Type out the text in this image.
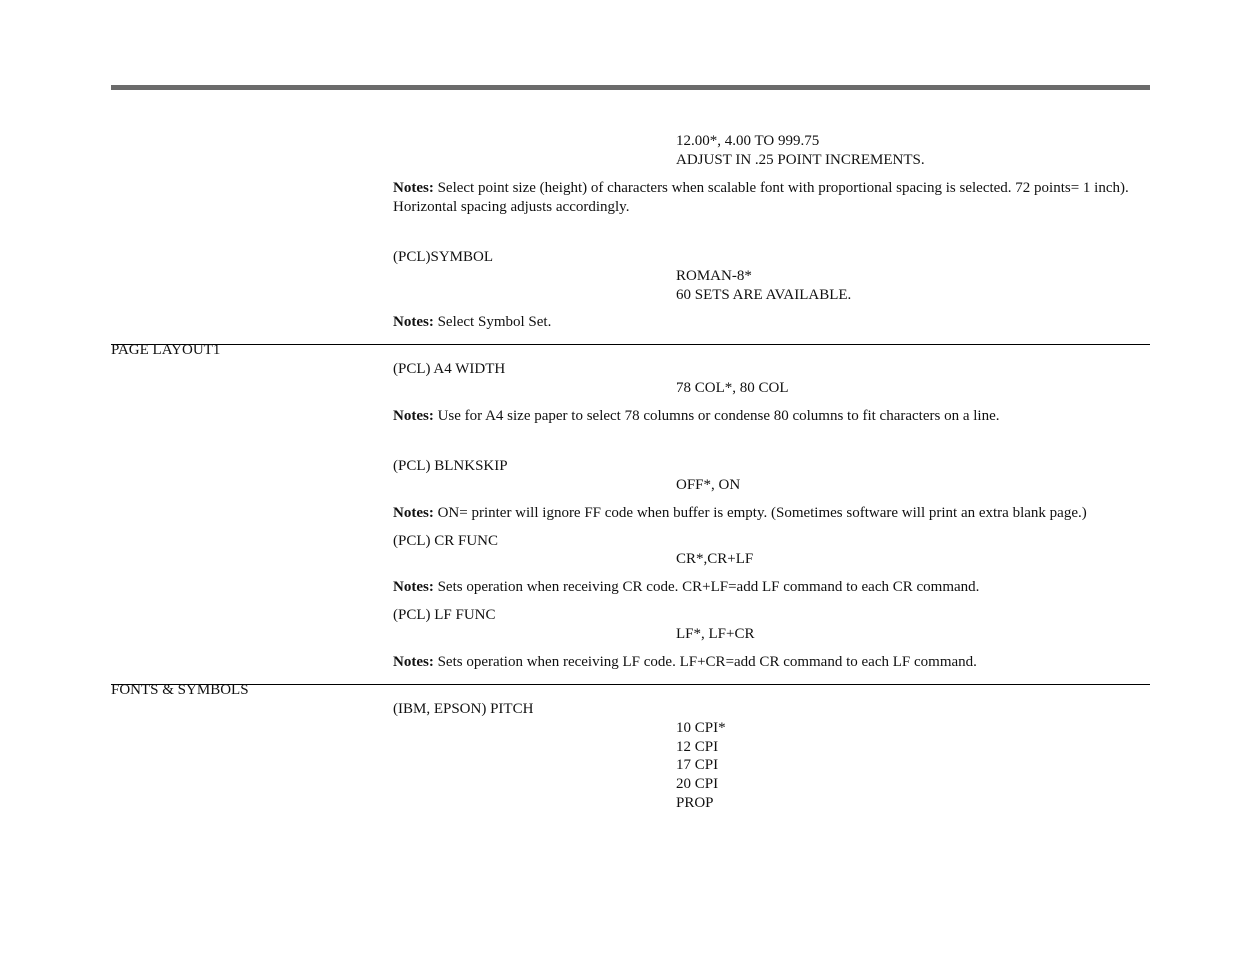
12.00*, 4.00 TO 999.75
ADJUST IN .25 POINT INCREMENTS.
Notes: Select point size (height) of characters when scalable font with proportional spacing is selected. 72 points= 1 inch). Horizontal spacing adjusts accordingly.
(PCL)SYMBOL
ROMAN-8*
60 SETS ARE AVAILABLE.
Notes: Select Symbol Set.
PAGE LAYOUT1
(PCL) A4 WIDTH
78 COL*, 80 COL
Notes: Use for A4 size paper to select 78 columns or condense 80 columns to fit characters on a line.
(PCL) BLNKSKIP
OFF*, ON
Notes: ON= printer will ignore FF code when buffer is empty. (Sometimes software will print an extra blank page.)
(PCL) CR FUNC
CR*,CR+LF
Notes: Sets operation when receiving CR code. CR+LF=add LF command to each CR command.
(PCL) LF FUNC
LF*, LF+CR
Notes: Sets operation when receiving LF code. LF+CR=add CR command to each LF command.
FONTS & SYMBOLS
(IBM, EPSON) PITCH
10 CPI*
12 CPI
17 CPI
20 CPI
PROP
